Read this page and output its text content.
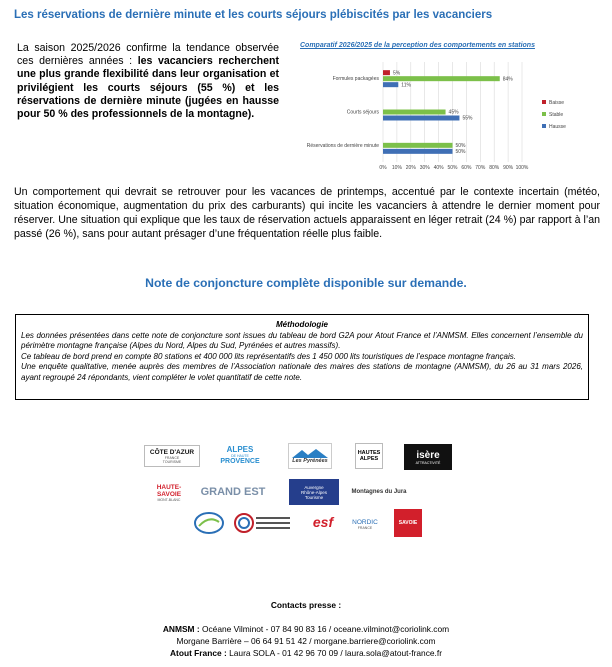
Les réservations de dernière minute et les courts séjours plébiscités par les vacanciers
La saison 2025/2026 confirme la tendance observée ces dernières années : les vacanciers recherchent une plus grande flexibilité dans leur organisation et privilégient les courts séjours (55 %) et les réservations de dernière minute (jugées en hausse pour 50 % des professionnels de la montagne).
Comparatif 2026/2025 de la perception des comportements en stations
5%
84%
11%
45%
55%
50%
50%
Formules packagées
Courts séjours
Réservations de dernière minute
0% 10% 20% 30% 40% 50% 60% 70% 80% 90% 100%
Baisse
Stable
Hausse
Un comportement qui devrait se retrouver pour les vacances de printemps, accentué par le contexte incertain (météo, situation économique, augmentation du prix des carburants) qui incite les vacanciers à attendre le dernier moment pour réserver. Une situation qui explique que les taux de réservation actuels apparaissent en léger retrait (24 %) par rapport à l’an passé (26 %), sans pour autant présager d’une fréquentation réelle plus faible.
Note de conjoncture complète disponible sur demande.
Méthodologie

Les données présentées dans cette note de conjoncture sont issues du tableau de bord G2A pour Atout France et l’ANMSM. Elles concernent l’ensemble du périmètre montagne française (Alpes du Nord, Alpes du Sud, Pyrénées et autres massifs).

Ce tableau de bord prend en compte 80 stations et 400 000 lits représentatifs des 1 450 000 lits touristiques de l’espace montagne français.

Une enquête qualitative, menée auprès des membres de l’Association nationale des maires des stations de montagne (ANMSM), du 26 au 31 mars 2026, ayant regroupé 24 répondants, vient compléter le volet quantitatif de cette note.

CÔTE D'AZUR
FRANCE
TOURISME
ALPES
DE HAUTE
PROVENCE	Les Pyrénées
HAUTES
ALPES	isère
ATTRACTIVITÉ
HAUTE-
SAVOIE
MONT-BLANC
GRAND EST	Auvergne
Rhône-Alpes
Tourisme
Montagnes du Jura
esf	NORDIC
FRANCE
SAVOIE
Contacts presse :
ANMSM : Océane Vilminot - 07 84 90 83 16 / oceane.vilminot@coriolink.com
Morgane Barrière – 06 64 91 51 42 / morgane.barriere@coriolink.com
Atout France : Laura SOLA - 01 42 96 70 09 / laura.sola@atout-france.fr
